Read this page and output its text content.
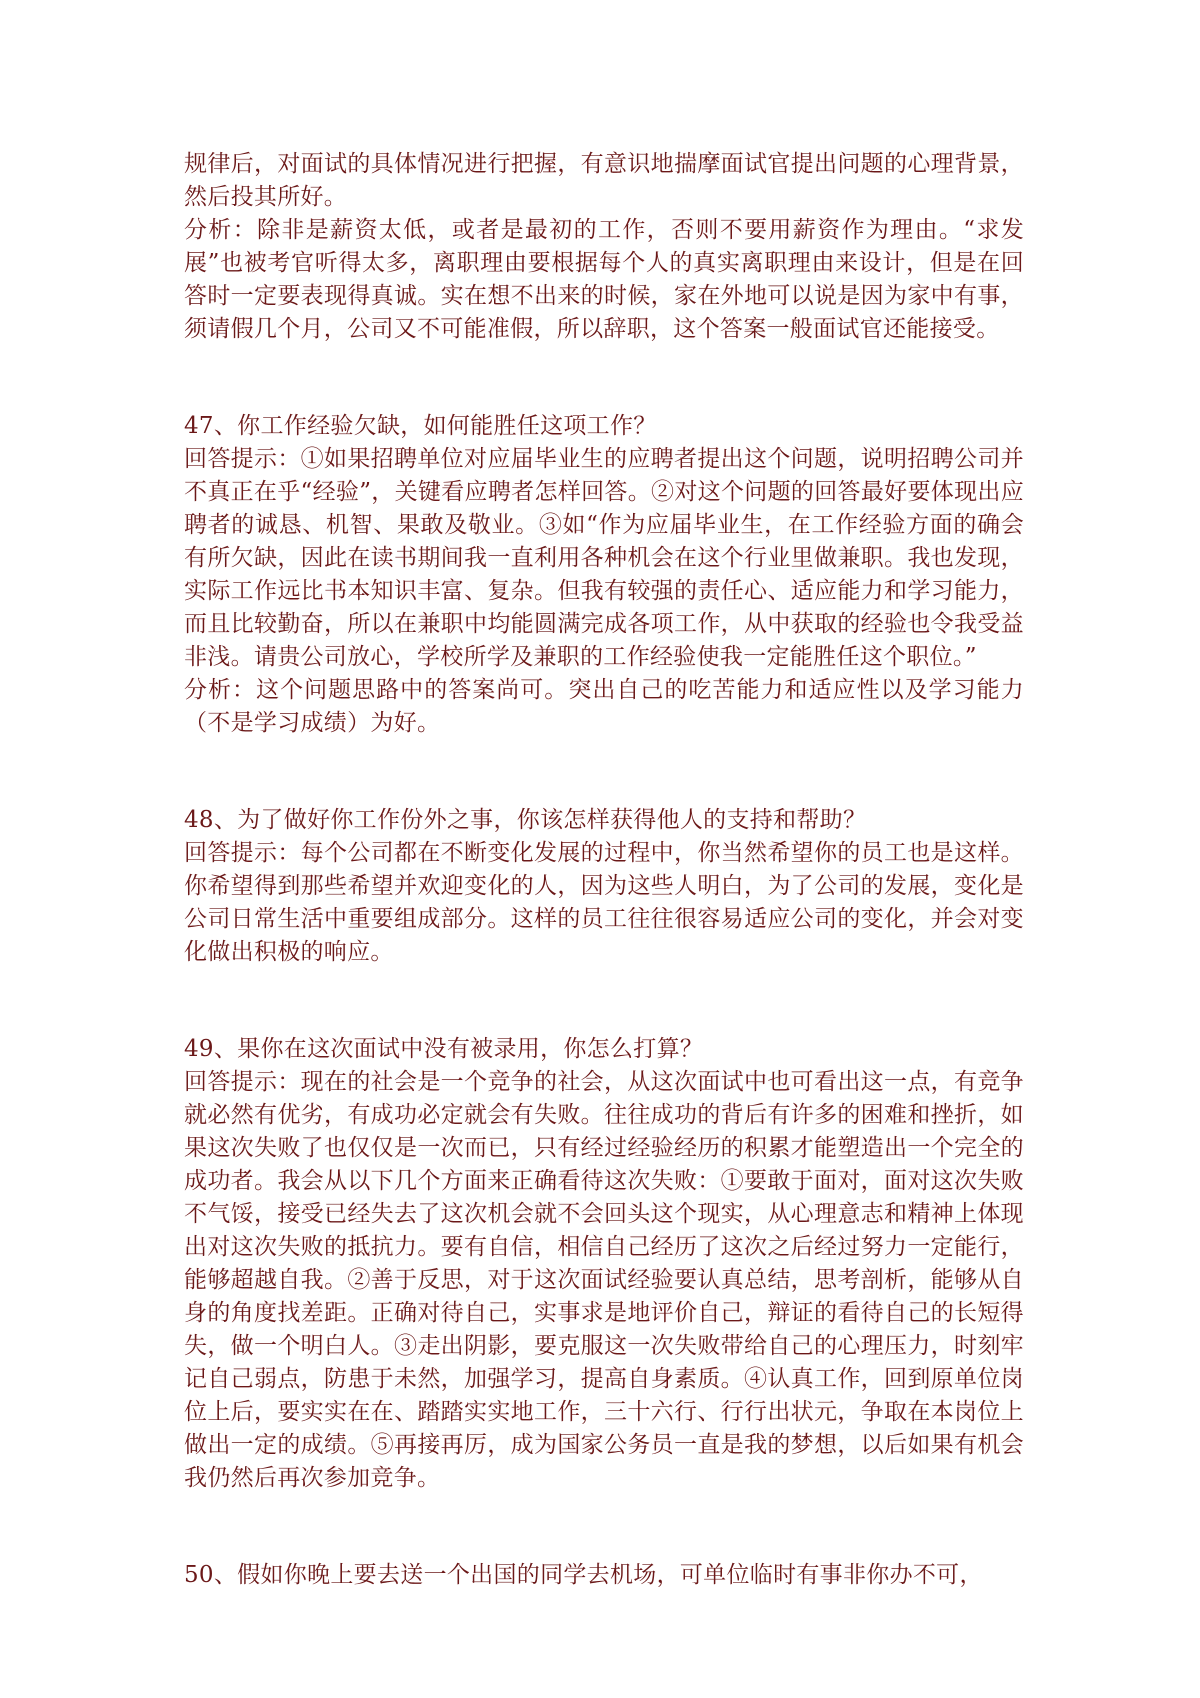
规律后，对面试的具体情况进行把握，有意识地揣摩面试官提出问题的心理背景，然后投其所好。

分析：除非是薪资太低，或者是最初的工作，否则不要用薪资作为理由。“求发展”也被考官听得太多，离职理由要根据每个人的真实离职理由来设计，但是在回答时一定要表现得真诚。实在想不出来的时候，家在外地可以说是因为家中有事，须请假几个月，公司又不可能准假，所以辞职，这个答案一般面试官还能接受。

47、你工作经验欠缺，如何能胜任这项工作？

回答提示：①如果招聘单位对应届毕业生的应聘者提出这个问题，说明招聘公司并不真正在乎“经验”，关键看应聘者怎样回答。②对这个问题的回答最好要体现出应聘者的诚恳、机智、果敢及敬业。③如“作为应届毕业生，在工作经验方面的确会有所欠缺，因此在读书期间我一直利用各种机会在这个行业里做兼职。我也发现，实际工作远比书本知识丰富、复杂。但我有较强的责任心、适应能力和学习能力，而且比较勤奋，所以在兼职中均能圆满完成各项工作，从中获取的经验也令我受益非浅。请贵公司放心，学校所学及兼职的工作经验使我一定能胜任这个职位。”

分析：这个问题思路中的答案尚可。突出自己的吃苦能力和适应性以及学习能力（不是学习成绩）为好。

48、为了做好你工作份外之事，你该怎样获得他人的支持和帮助？

回答提示：每个公司都在不断变化发展的过程中，你当然希望你的员工也是这样。你希望得到那些希望并欢迎变化的人，因为这些人明白，为了公司的发展，变化是公司日常生活中重要组成部分。这样的员工往往很容易适应公司的变化，并会对变化做出积极的响应。

49、果你在这次面试中没有被录用，你怎么打算？

回答提示：现在的社会是一个竞争的社会，从这次面试中也可看出这一点，有竞争就必然有优劣，有成功必定就会有失败。往往成功的背后有许多的困难和挫折，如果这次失败了也仅仅是一次而已，只有经过经验经历的积累才能塑造出一个完全的成功者。我会从以下几个方面来正确看待这次失败：①要敢于面对，面对这次失败不气馁，接受已经失去了这次机会就不会回头这个现实，从心理意志和精神上体现出对这次失败的抵抗力。要有自信，相信自己经历了这次之后经过努力一定能行，能够超越自我。②善于反思，对于这次面试经验要认真总结，思考剖析，能够从自身的角度找差距。正确对待自己，实事求是地评价自己，辩证的看待自己的长短得失，做一个明白人。③走出阴影，要克服这一次失败带给自己的心理压力，时刻牢记自己弱点，防患于未然，加强学习，提高自身素质。④认真工作，回到原单位岗位上后，要实实在在、踏踏实实地工作，三十六行、行行出状元，争取在本岗位上做出一定的成绩。⑤再接再厉，成为国家公务员一直是我的梦想，以后如果有机会我仍然后再次参加竞争。

50、假如你晚上要去送一个出国的同学去机场，可单位临时有事非你办不可，
